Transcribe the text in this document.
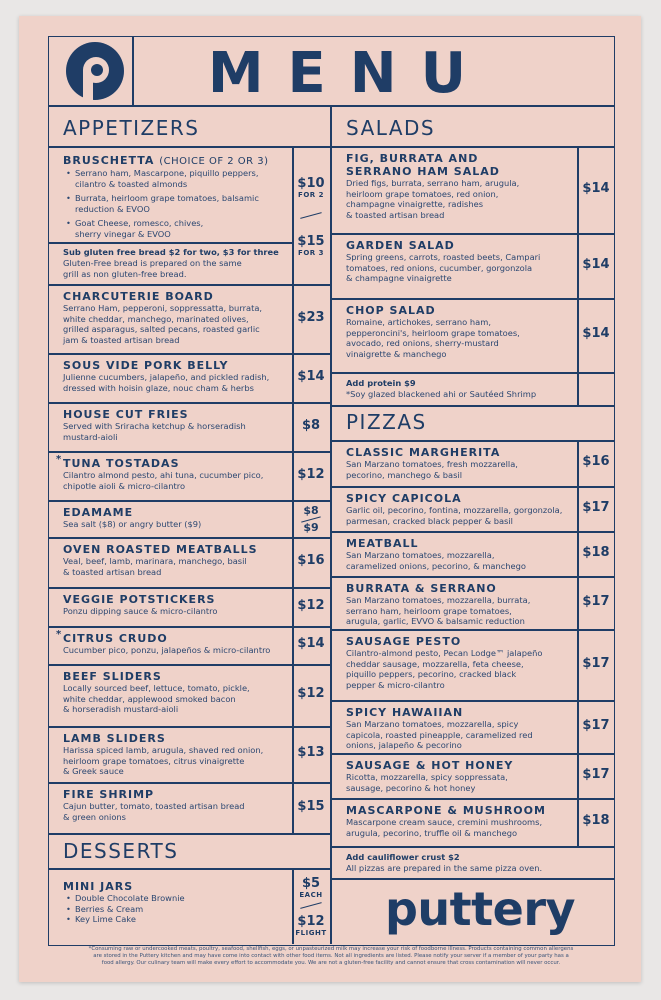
MENU
APPETIZERS	SALADS
BRUSCHETTA (CHOICE OF 2 OR 3)
• Serrano ham, Mascarpone, piquillo peppers,
cilantro & toasted almonds
• Burrata, heirloom grape tomatoes, balsamic
reduction & EVOO
• Goat Cheese, romesco, chives,
sherry vinegar & EVOO
$10
FOR 2
$15
FOR 3
Sub gluten free bread $2 for two, $3 for three
Gluten-Free bread is prepared on the same
grill as non gluten-free bread.
DESSERTS
MINI JARS
• Double Chocolate Brownie
• Berries & Cream
• Key Lime Cake
$5
EACH
$12
FLIGHT
Add protein $9
*Soy glazed blackened ahi or Sautéed Shrimp
PIZZAS
Add cauliflower crust $2
All pizzas are prepared in the same pizza oven.
puttery
*Consuming raw or undercooked meats, poultry, seafood, shellfish, eggs, or unpasteurized milk may increase your risk of foodborne illness. Products containing common allergens
are stored in the Puttery kitchen and may have come into contact with other food items. Not all ingredients are listed. Please notify your server if a member of your party has a
food allergy. Our culinary team will make every effort to accommodate you. We are not a gluten-free facility and cannot ensure that cross contamination will never occur.
CHARCUTERIE BOARD
Serrano Ham, pepperoni, soppressatta, burrata,
white cheddar, manchego, marinated olives,
grilled asparagus, salted pecans, roasted garlic
jam & toasted artisan bread
$23
SOUS VIDE PORK BELLY
Julienne cucumbers, jalapeño, and pickled radish,
dressed with hoisin glaze, nouc cham & herbs
$14
HOUSE CUT FRIES
Served with Sriracha ketchup & horseradish
mustard-aioli
$8
TUNA TOSTADAS
Cilantro almond pesto, ahi tuna, cucumber pico,
chipotle aioli & micro-cilantro
*
$12
EDAMAME
Sea salt ($8) or angry butter ($9)
$8
$9
OVEN ROASTED MEATBALLS
Veal, beef, lamb, marinara, manchego, basil
& toasted artisan bread
$16
VEGGIE POTSTICKERS
Ponzu dipping sauce & micro-cilantro	$12
CITRUS CRUDO
Cucumber pico, ponzu, jalapeños & micro-cilantro
*
$14
BEEF SLIDERS
Locally sourced beef, lettuce, tomato, pickle,
white cheddar, applewood smoked bacon
& horseradish mustard-aioli
$12
LAMB SLIDERS
Harissa spiced lamb, arugula, shaved red onion,
heirloom grape tomatoes, citrus vinaigrette
& Greek sauce
$13
FIRE SHRIMP
Cajun butter, tomato, toasted artisan bread
& green onions
$15
FIG, BURRATA AND
SERRANO HAM SALAD
Dried figs, burrata, serrano ham, arugula,
heirloom grape tomatoes, red onion,
champagne vinaigrette, radishes
& toasted artisan bread
$14
GARDEN SALAD
Spring greens, carrots, roasted beets, Campari
tomatoes, red onions, cucumber, gorgonzola
& champagne vinaigrette
$14
CHOP SALAD
Romaine, artichokes, serrano ham,
pepperoncini's, heirloom grape tomatoes,
avocado, red onions, sherry-mustard
vinaigrette & manchego
$14
CLASSIC MARGHERITA
San Marzano tomatoes, fresh mozzarella,
pecorino, manchego & basil
$16
SPICY CAPICOLA
Garlic oil, pecorino, fontina, mozzarella, gorgonzola,
parmesan, cracked black pepper & basil
$17
MEATBALL
San Marzano tomatoes, mozzarella,
caramelized onions, pecorino, & manchego
$18
BURRATA & SERRANO
San Marzano tomatoes, mozzarella, burrata,
serrano ham, heirloom grape tomatoes,
arugula, garlic, EVVO & balsamic reduction
$17
SAUSAGE PESTO
Cilantro-almond pesto, Pecan Lodge™ jalapeño
cheddar sausage, mozzarella, feta cheese,
piquillo peppers, pecorino, cracked black
pepper & micro-cilantro
$17
SPICY HAWAIIAN
San Marzano tomatoes, mozzarella, spicy
capicola, roasted pineapple, caramelized red
onions, jalapeño & pecorino
$17
SAUSAGE & HOT HONEY
Ricotta, mozzarella, spicy soppressata,
sausage, pecorino & hot honey
$17
MASCARPONE & MUSHROOM
Mascarpone cream sauce, cremini mushrooms,
arugula, pecorino, truffle oil & manchego
$18
